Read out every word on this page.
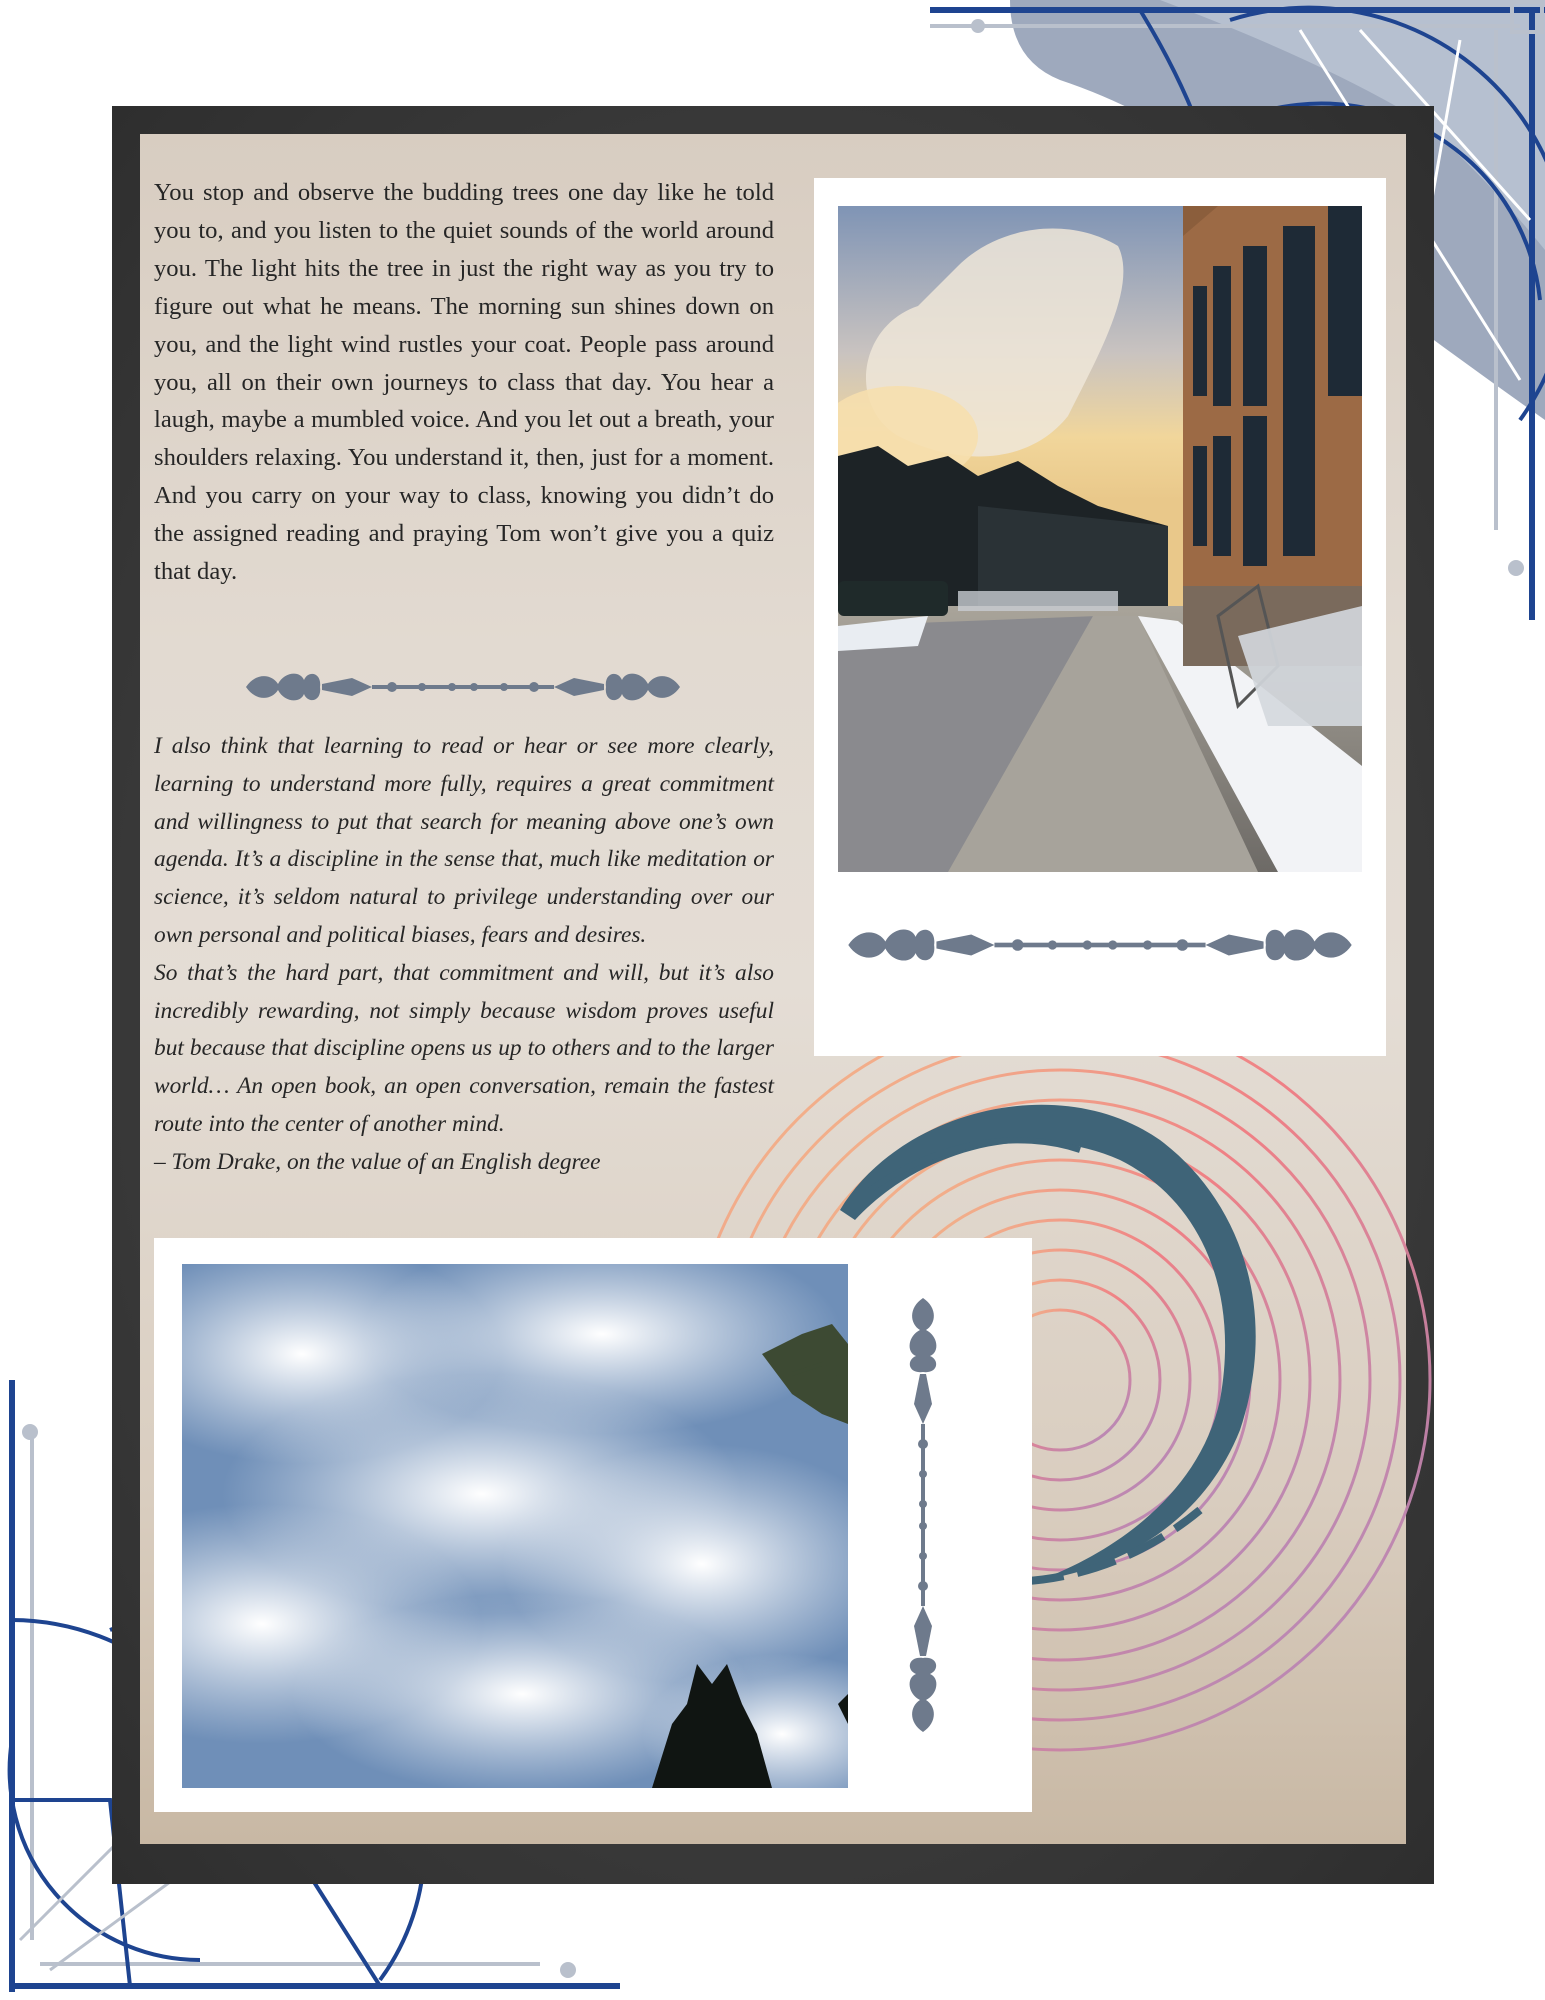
You stop and observe the budding trees one day like he told you to, and you listen to the quiet sounds of the world around you. The light hits the tree in just the right way as you try to figure out what he means. The morning sun shines down on you, and the light wind rustles your coat. People pass around you, all on their own journeys to class that day. You hear a laugh, maybe a mumbled voice. And you let out a breath, your shoulders relaxing. You understand it, then, just for a moment. And you carry on your way to class, knowing you didn’t do the assigned reading and praying Tom won’t give you a quiz that day.

I also think that learning to read or hear or see more clearly, learning to understand more fully, requires a great commitment and willingness to put that search for meaning above one’s own agenda. It’s a discipline in the sense that, much like meditation or science, it’s seldom natural to privilege understanding over our own personal and political biases, fears and desires.

So that’s the hard part, that commitment and will, but it’s also incredibly rewarding, not simply because wisdom proves useful but because that discipline opens us up to others and to the larger world… An open book, an open conversation, remain the fastest route into the center of another mind.

– Tom Drake, on the value of an English degree
